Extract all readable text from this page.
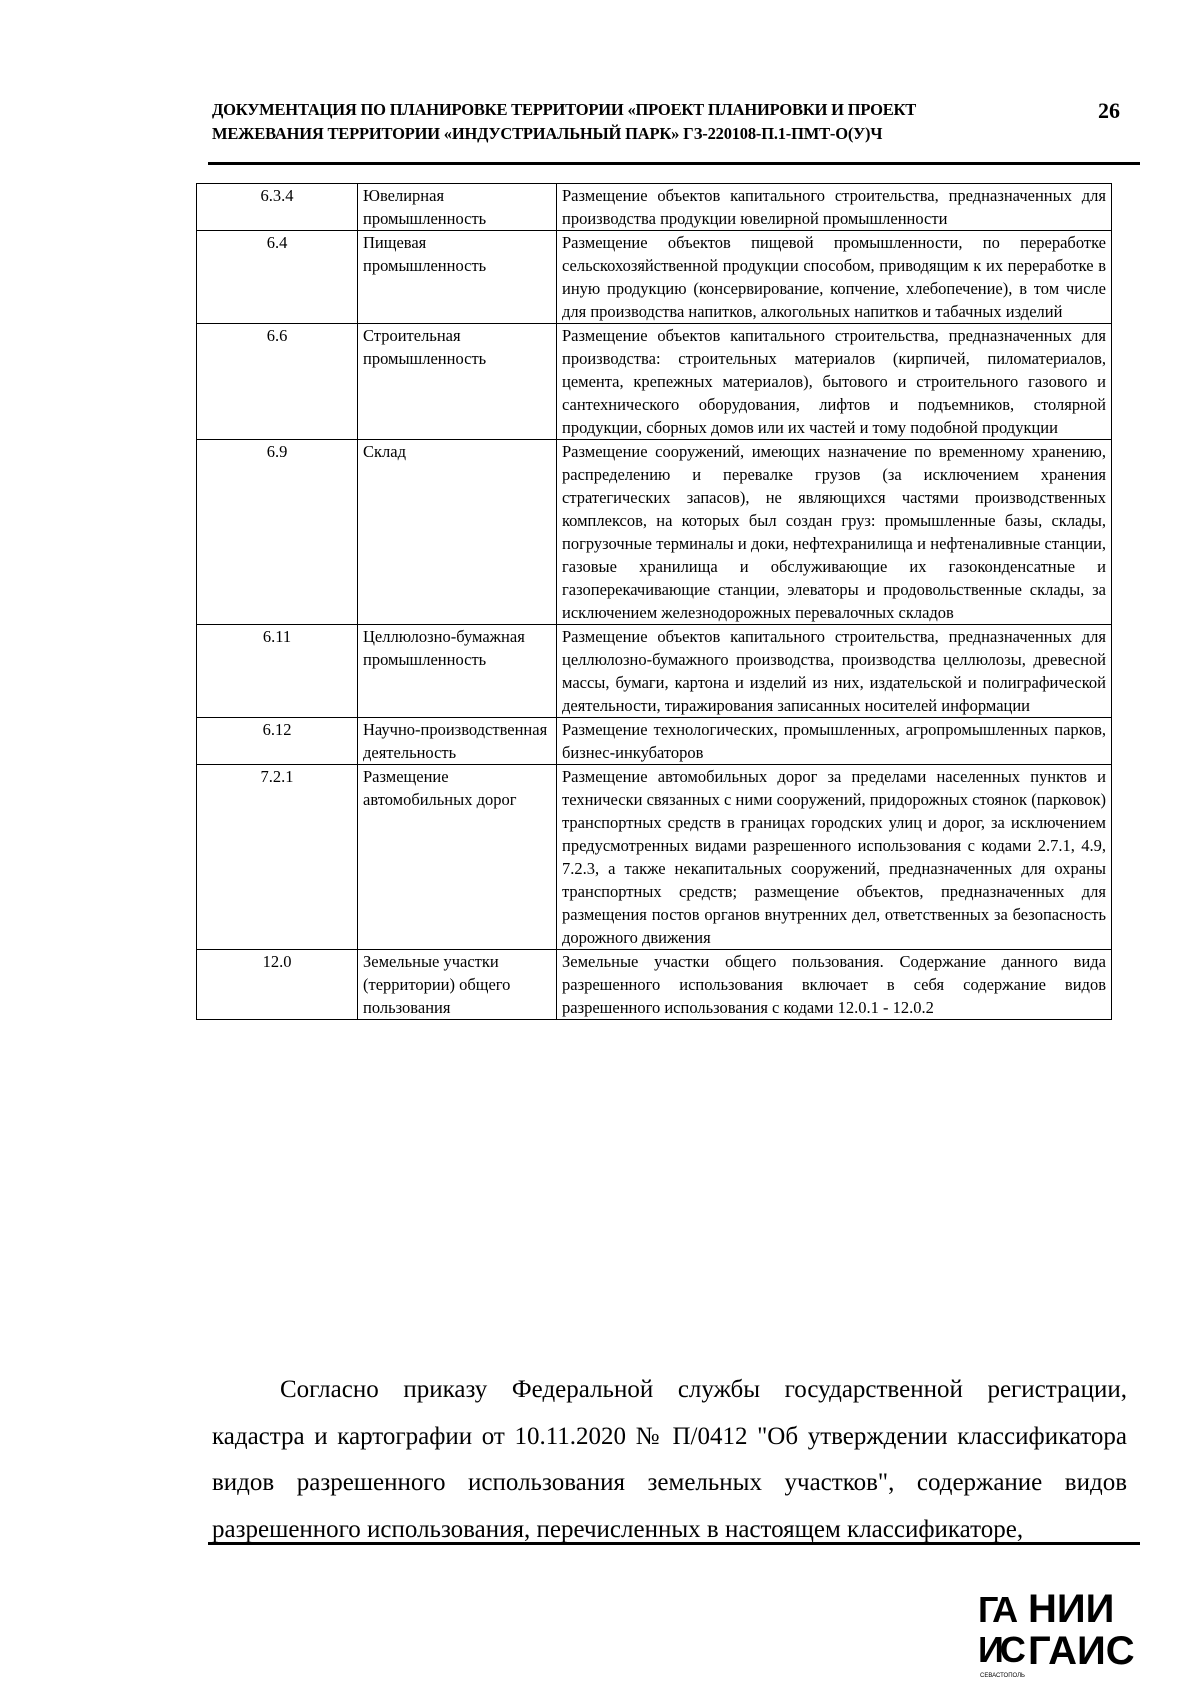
ДОКУМЕНТАЦИЯ ПО ПЛАНИРОВКЕ ТЕРРИТОРИИ «ПРОЕКТ ПЛАНИРОВКИ И ПРОЕКТ
МЕЖЕВАНИЯ ТЕРРИТОРИИ «ИНДУСТРИАЛЬНЫЙ ПАРК» ГЗ-220108-П.1-ПМТ-О(У)Ч
26
6.3.4	Ювелирная промышленность	Размещение объектов капитального строительства, предназначенных для производства продукции ювелирной промышленности
6.4	Пищевая промышленность	Размещение объектов пищевой промышленности, по переработке сельскохозяйственной продукции способом, приводящим к их переработке в иную продукцию (консервирование, копчение, хлебопечение), в том числе для производства напитков, алкогольных напитков и табачных изделий
6.6	Строительная промышленность	Размещение объектов капитального строительства, предназначенных для производства: строительных материалов (кирпичей, пиломатериалов, цемента, крепежных материалов), бытового и строительного газового и сантехнического оборудования, лифтов и подъемников, столярной продукции, сборных домов или их частей и тому подобной продукции
6.9	Склад	Размещение сооружений, имеющих назначение по временному хранению, распределению и перевалке грузов (за исключением хранения стратегических запасов), не являющихся частями производственных комплексов, на которых был создан груз: промышленные базы, склады, погрузочные терминалы и доки, нефтехранилища и нефтеналивные станции, газовые хранилища и обслуживающие их газоконденсатные и газоперекачивающие станции, элеваторы и продовольственные склады, за исключением железнодорожных перевалочных складов
6.11	Целлюлозно-бумажная промышленность	Размещение объектов капитального строительства, предназначенных для целлюлозно-бумажного производства, производства целлюлозы, древесной массы, бумаги, картона и изделий из них, издательской и полиграфической деятельности, тиражирования записанных носителей информации
6.12	Научно-производственная деятельность	Размещение технологических, промышленных, агропромышленных парков, бизнес-инкубаторов
7.2.1	Размещение автомобильных дорог	Размещение автомобильных дорог за пределами населенных пунктов и технически связанных с ними сооружений, придорожных стоянок (парковок) транспортных средств в границах городских улиц и дорог, за исключением предусмотренных видами разрешенного использования с кодами 2.7.1, 4.9, 7.2.3, а также некапитальных сооружений, предназначенных для охраны транспортных средств; размещение объектов, предназначенных для размещения постов органов внутренних дел, ответственных за безопасность дорожного движения
12.0	Земельные участки (территории) общего пользования	Земельные участки общего пользования. Содержание данного вида разрешенного использования включает в себя содержание видов разрешенного использования с кодами 12.0.1 - 12.0.2

Согласно приказу Федеральной службы государственной регистрации, кадастра и картографии от 10.11.2020 № П/0412 "Об утверждении классификатора видов разрешенного использования земельных участков", содержание видов разрешенного использования, перечисленных в настоящем классификаторе,

ГА
ИС
НИИ
ГАИС
СЕВАСТОПОЛЬ
